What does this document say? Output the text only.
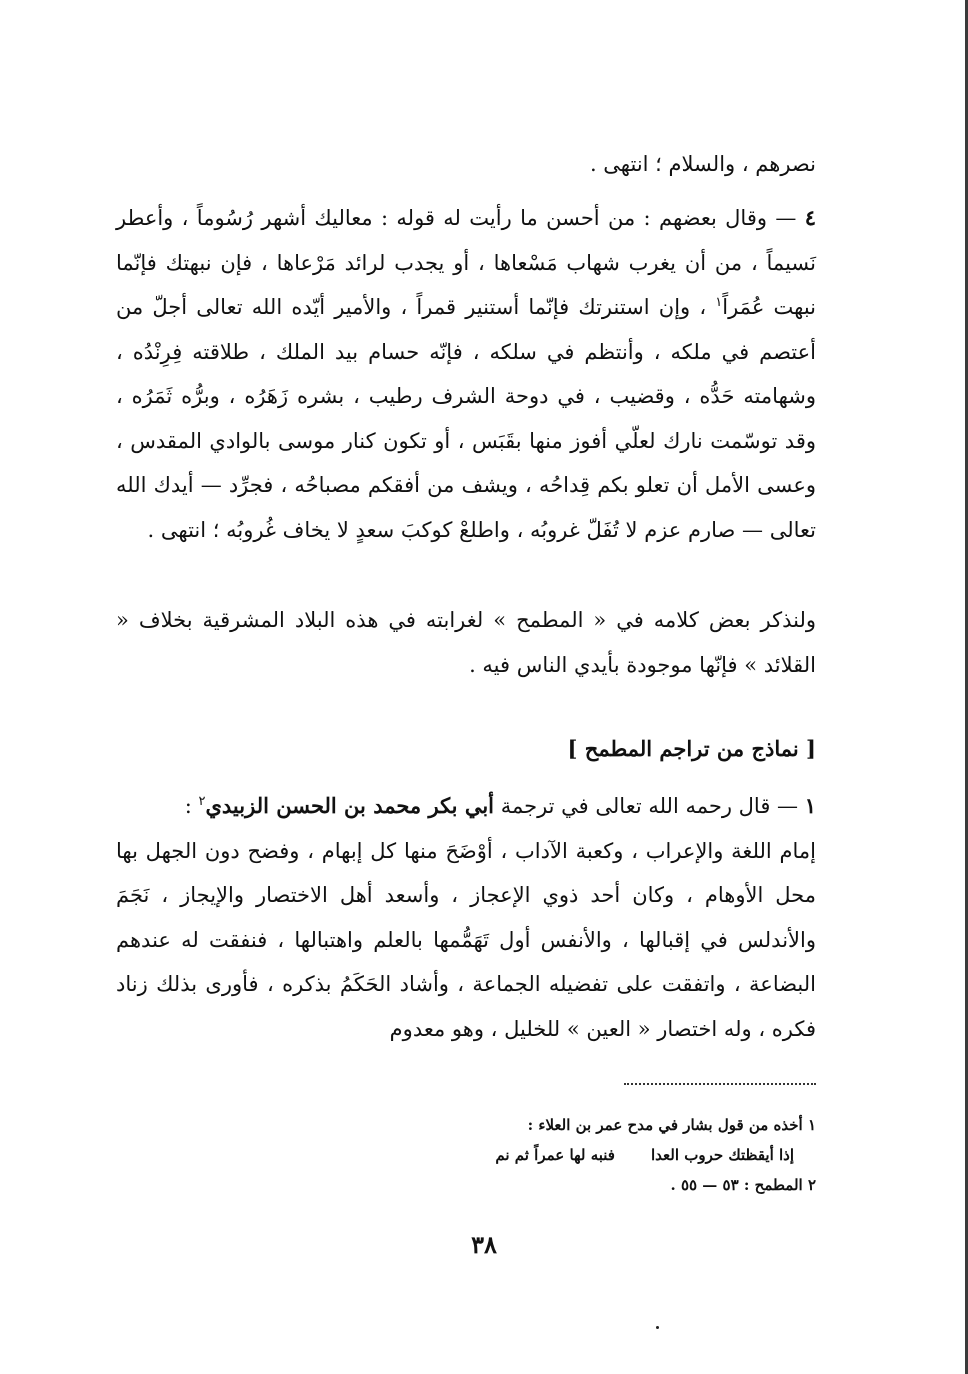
نصرهم ، والسلام ؛ انتهى .
٤ — وقال بعضهم : من أحسن ما رأيت له قوله : معاليك أشهر رُسُوماً ، وأعطر نَسيماً ، من أن يغرب شهاب مَسْعاها ، أو يجدب لرائد مَرْعاها ، فإن نبهتك فإنّما نبهت عُمَراً$^١$ ، وإن استنرتك فإنّما أستنير قمراً ، والأمير أيّده الله تعالى أجلّ من أعتصم في ملكه ، وأنتظم في سلكه ، فإنّه حسام بيد الملك ، طلاقته فِرِنْدُه ، وشهامته حَدُّه ، وقضيب ، في دوحة الشرف رطيب ، بشره زَهَرُه ، وبرُّه ثَمَرُه ، وقد توسّمت نارك لعلّي أفوز منها بقَبَس ، أو تكون كنار موسى بالوادي المقدس ، وعسى الأمل أن تعلو بكم قِداحُه ، ويشف من أفقكم مصباحُه ، فجرِّد — أيدك الله تعالى — صارم عزم لا تُفَلّ غروبُه ، واطلعْ كوكبَ سعدٍ لا يخاف غُروبُه ؛ انتهى .
ولنذكر بعض كلامه في « المطمح » لغرابته في هذه البلاد المشرقية بخلاف « القلائد » فإنّها موجودة بأيدي الناس فيه .
[ نماذج من تراجم المطمح ]
١ — قال رحمه الله تعالى في ترجمة أبي بكر محمد بن الحسن الزبيدي$^٢$ :
إمام اللغة والإعراب ، وكعبة الآداب ، أوْضَحَ منها كل إبهام ، وفضح دون الجهل بها محل الأوهام ، وكان أحد ذوي الإعجاز ، وأسعد أهل الاختصار والإيجاز ، نَجَمَ والأندلس في إقبالها ، والأنفس أول تَهَمُّمها بالعلم واهتبالها ، فنفقت له عندهم البضاعة ، واتفقت على تفضيله الجماعة ، وأشاد الحَكَمُ بذكره ، فأورى بذلك زناد فكره ، وله اختصار « العين » للخليل ، وهو معدوم
١ أخذه من قول بشار في مدح عمر بن العلاء :
إذا أيقظتك حروب العدا
فنبه لها عمراً ثم نم
٢ المطمح : ٥٣ — ٥٥ .
٣٨
